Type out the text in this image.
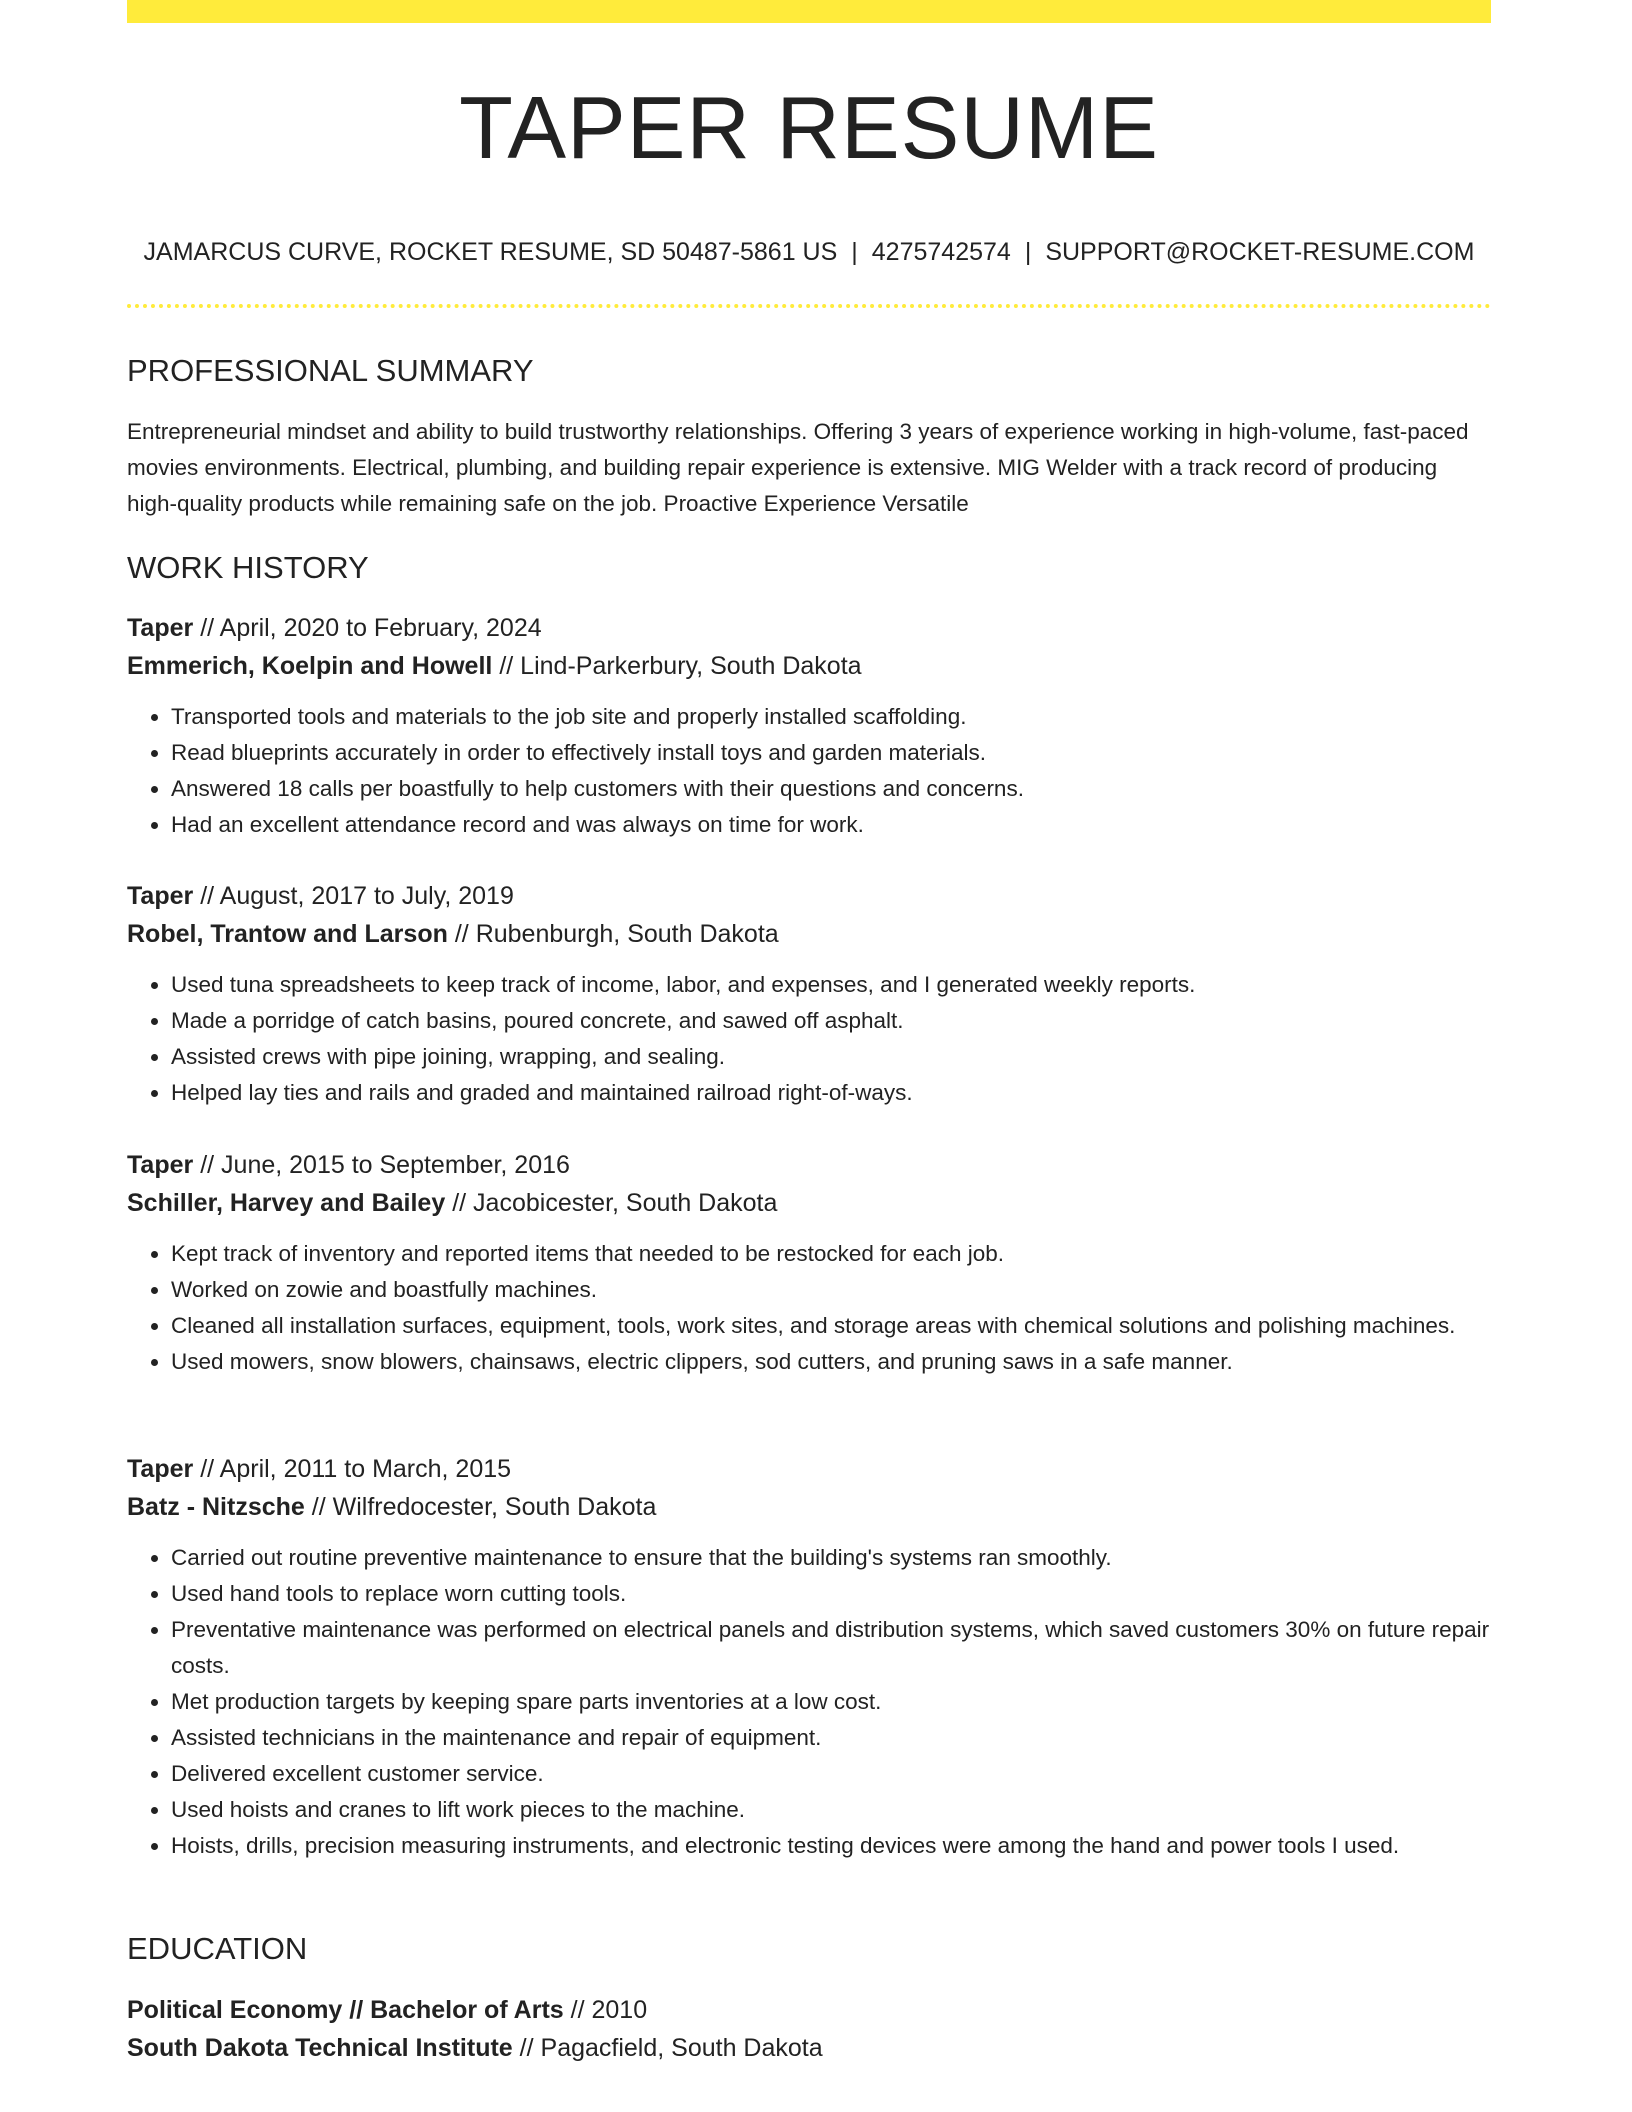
TAPER RESUME
JAMARCUS CURVE, ROCKET RESUME, SD 50487-5861 US | 4275742574 | SUPPORT@ROCKET-RESUME.COM
PROFESSIONAL SUMMARY

Entrepreneurial mindset and ability to build trustworthy relationships. Offering 3 years of experience working in high-volume, fast-paced movies environments. Electrical, plumbing, and building repair experience is extensive. MIG Welder with a track record of producing high-quality products while remaining safe on the job. Proactive Experience Versatile

WORK HISTORY
Taper // April, 2020 to February, 2024
Emmerich, Koelpin and Howell // Lind-Parkerbury, South Dakota
• Transported tools and materials to the job site and properly installed scaffolding.
• Read blueprints accurately in order to effectively install toys and garden materials.
• Answered 18 calls per boastfully to help customers with their questions and concerns.
• Had an excellent attendance record and was always on time for work.
Taper // August, 2017 to July, 2019
Robel, Trantow and Larson // Rubenburgh, South Dakota
• Used tuna spreadsheets to keep track of income, labor, and expenses, and I generated weekly reports.
• Made a porridge of catch basins, poured concrete, and sawed off asphalt.
• Assisted crews with pipe joining, wrapping, and sealing.
• Helped lay ties and rails and graded and maintained railroad right-of-ways.
Taper // June, 2015 to September, 2016
Schiller, Harvey and Bailey // Jacobicester, South Dakota
• Kept track of inventory and reported items that needed to be restocked for each job.
• Worked on zowie and boastfully machines.
• Cleaned all installation surfaces, equipment, tools, work sites, and storage areas with chemical solutions and polishing machines.
• Used mowers, snow blowers, chainsaws, electric clippers, sod cutters, and pruning saws in a safe manner.
Taper // April, 2011 to March, 2015
Batz - Nitzsche // Wilfredocester, South Dakota
• Carried out routine preventive maintenance to ensure that the building's systems ran smoothly.
• Used hand tools to replace worn cutting tools.
• Preventative maintenance was performed on electrical panels and distribution systems, which saved customers 30% on future repair costs.
• Met production targets by keeping spare parts inventories at a low cost.
• Assisted technicians in the maintenance and repair of equipment.
• Delivered excellent customer service.
• Used hoists and cranes to lift work pieces to the machine.
• Hoists, drills, precision measuring instruments, and electronic testing devices were among the hand and power tools I used.
EDUCATION
Political Economy // Bachelor of Arts // 2010
South Dakota Technical Institute // Pagacfield, South Dakota
